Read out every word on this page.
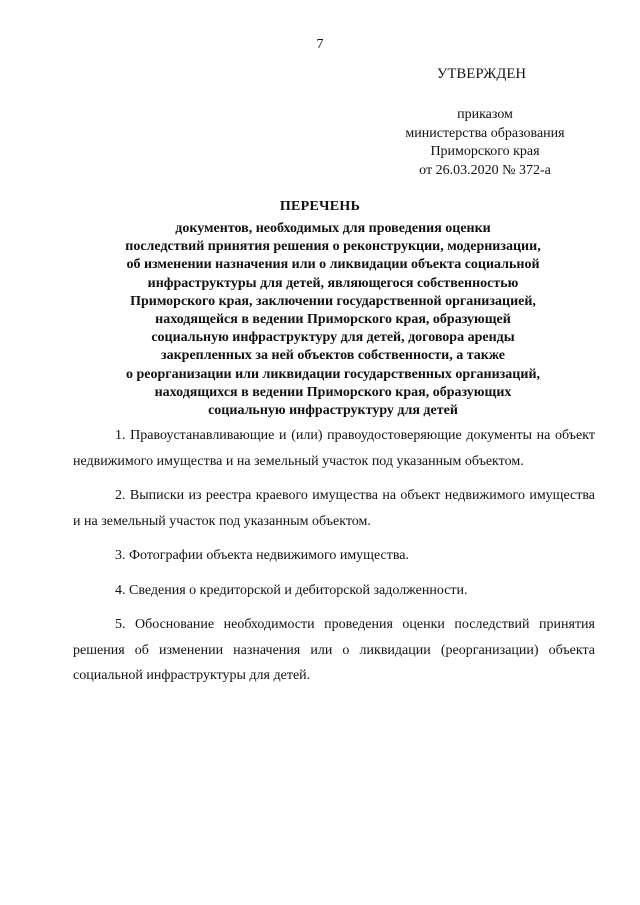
7
УТВЕРЖДЕН
приказом
министерства образования
Приморского края
от 26.03.2020 № 372-а
ПЕРЕЧЕНЬ
документов, необходимых для проведения оценки
последствий принятия решения о реконструкции, модернизации,
об изменении назначения или о ликвидации объекта социальной
инфраструктуры для детей, являющегося собственностью
Приморского края, заключении государственной организацией,
находящейся в ведении Приморского края, образующей
социальную инфраструктуру для детей, договора аренды
закрепленных за ней объектов собственности, а также
о реорганизации или ликвидации государственных организаций,
находящихся в ведении Приморского края, образующих
социальную инфраструктуру для детей

1. Правоустанавливающие и (или) правоудостоверяющие документы на объект недвижимого имущества и на земельный участок под указанным объектом.

2. Выписки из реестра краевого имущества на объект недвижимого имущества и на земельный участок под указанным объектом.

3. Фотографии объекта недвижимого имущества.

4. Сведения о кредиторской и дебиторской задолженности.

5. Обоснование необходимости проведения оценки последствий принятия решения об изменении назначения или о ликвидации (реорганизации) объекта социальной инфраструктуры для детей.
